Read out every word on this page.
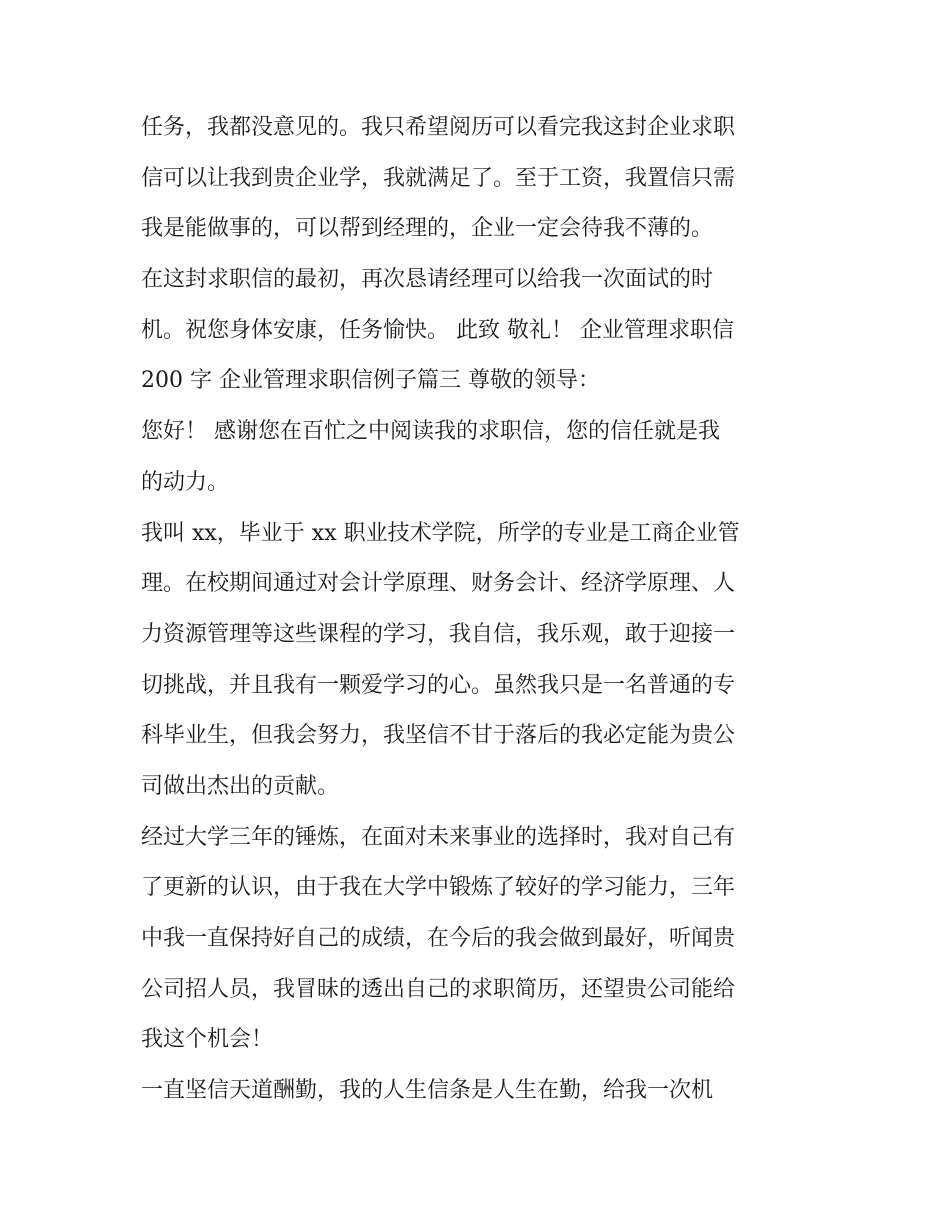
任务，我都没意见的。我只希望阅历可以看完我这封企业求职
信可以让我到贵企业学，我就满足了。至于工资，我置信只需
我是能做事的，可以帮到经理的，企业一定会待我不薄的。
在这封求职信的最初，再次恳请经理可以给我一次面试的时
机。祝您身体安康，任务愉快。 此致 敬礼！ 企业管理求职信
200 字 企业管理求职信例子篇三 尊敬的领导：
您好！ 感谢您在百忙之中阅读我的求职信，您的信任就是我
的动力。
我叫 xx，毕业于 xx 职业技术学院，所学的专业是工商企业管
理。在校期间通过对会计学原理、财务会计、经济学原理、人
力资源管理等这些课程的学习，我自信，我乐观，敢于迎接一
切挑战，并且我有一颗爱学习的心。虽然我只是一名普通的专
科毕业生，但我会努力，我坚信不甘于落后的我必定能为贵公
司做出杰出的贡献。
经过大学三年的锤炼，在面对未来事业的选择时，我对自己有
了更新的认识，由于我在大学中锻炼了较好的学习能力，三年
中我一直保持好自己的成绩，在今后的我会做到最好，听闻贵
公司招人员，我冒昧的透出自己的求职简历，还望贵公司能给
我这个机会！
一直坚信天道酬勤，我的人生信条是人生在勤，给我一次机
